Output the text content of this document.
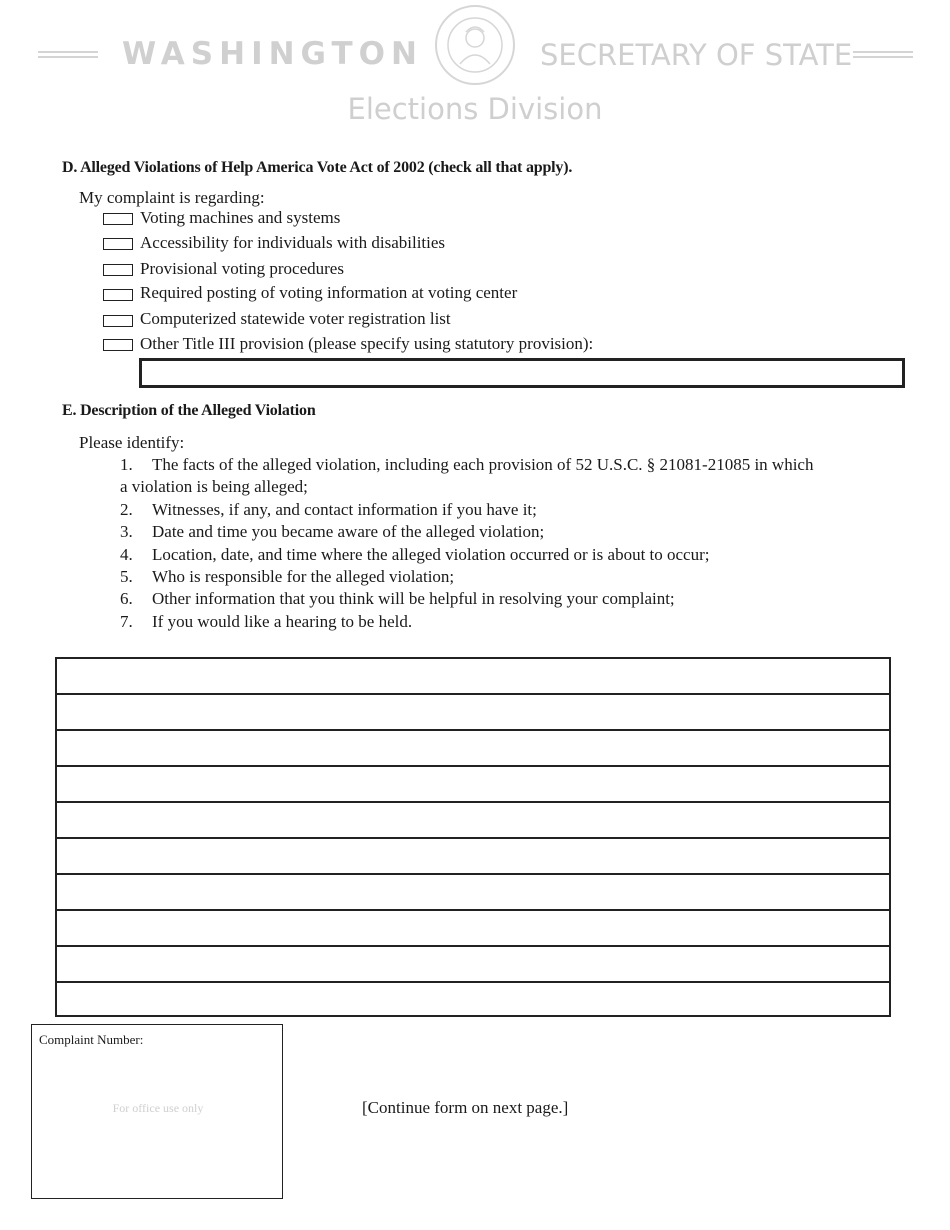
WASHINGTON	SECRETARY OF STATE
Elections Division
D. Alleged Violations of Help America Vote Act of 2002 (check all that apply).
My complaint is regarding:
Voting machines and systems
Accessibility for individuals with disabilities
Provisional voting procedures
Required posting of voting information at voting center
Computerized statewide voter registration list
Other Title III provision (please specify using statutory provision):
E. Description of the Alleged Violation
Please identify:
1. The facts of the alleged violation, including each provision of 52 U.S.C. § 21081-21085 in which
a violation is being alleged;
2. Witnesses, if any, and contact information if you have it;
3. Date and time you became aware of the alleged violation;
4. Location, date, and time where the alleged violation occurred or is about to occur;
5. Who is responsible for the alleged violation;
6. Other information that you think will be helpful in resolving your complaint;
7. If you would like a hearing to be held.
Complaint Number:
For office use only	[Continue form on next page.]
